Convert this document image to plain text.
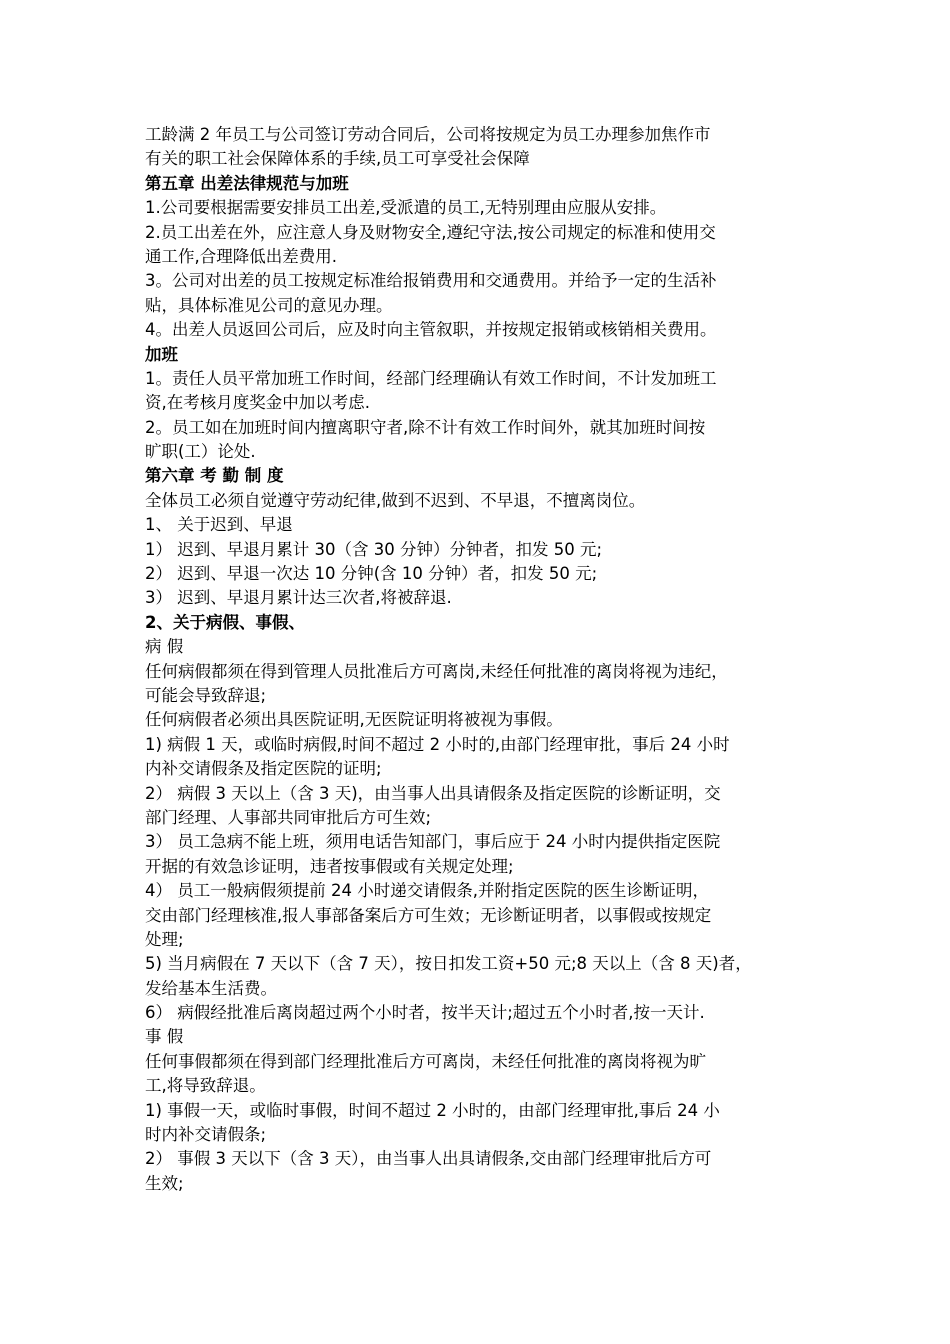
工龄满 2 年员工与公司签订劳动合同后，公司将按规定为员工办理参加焦作市
有关的职工社会保障体系的手续,员工可享受社会保障
第五章 出差法律规范与加班
1.公司要根据需要安排员工出差,受派遣的员工,无特别理由应服从安排。
2.员工出差在外，应注意人身及财物安全,遵纪守法,按公司规定的标准和使用交
通工作,合理降低出差费用.
3。公司对出差的员工按规定标准给报销费用和交通费用。并给予一定的生活补
贴，具体标准见公司的意见办理。
4。出差人员返回公司后，应及时向主管叙职，并按规定报销或核销相关费用。
加班
1。责任人员平常加班工作时间，经部门经理确认有效工作时间，不计发加班工
资,在考核月度奖金中加以考虑.
2。员工如在加班时间内擅离职守者,除不计有效工作时间外，就其加班时间按
旷职(工）论处.
第六章 考 勤 制 度
全体员工必须自觉遵守劳动纪律,做到不迟到、不早退，不擅离岗位。
1、 关于迟到、早退
1） 迟到、早退月累计 30（含 30 分钟）分钟者，扣发 50 元;
2） 迟到、早退一次达 10 分钟(含 10 分钟）者，扣发 50 元;
3） 迟到、早退月累计达三次者,将被辞退.
2、关于病假、事假、
病 假
任何病假都须在得到管理人员批准后方可离岗,未经任何批准的离岗将视为违纪，
可能会导致辞退;
任何病假者必须出具医院证明,无医院证明将被视为事假。
1) 病假 1 天，或临时病假,时间不超过 2 小时的,由部门经理审批，事后 24 小时
内补交请假条及指定医院的证明;
2） 病假 3 天以上（含 3 天)，由当事人出具请假条及指定医院的诊断证明，交
部门经理、人事部共同审批后方可生效;
3） 员工急病不能上班，须用电话告知部门，事后应于 24 小时内提供指定医院
开据的有效急诊证明，违者按事假或有关规定处理;
4） 员工一般病假须提前 24 小时递交请假条,并附指定医院的医生诊断证明，
交由部门经理核准,报人事部备案后方可生效；无诊断证明者，以事假或按规定
处理;
5) 当月病假在 7 天以下（含 7 天），按日扣发工资+50 元;8 天以上（含 8 天)者，
发给基本生活费。
6） 病假经批准后离岗超过两个小时者，按半天计;超过五个小时者,按一天计.
事 假
任何事假都须在得到部门经理批准后方可离岗，未经任何批准的离岗将视为旷
工,将导致辞退。
1) 事假一天，或临时事假，时间不超过 2 小时的，由部门经理审批,事后 24 小
时内补交请假条;
2） 事假 3 天以下（含 3 天），由当事人出具请假条,交由部门经理审批后方可
生效;
